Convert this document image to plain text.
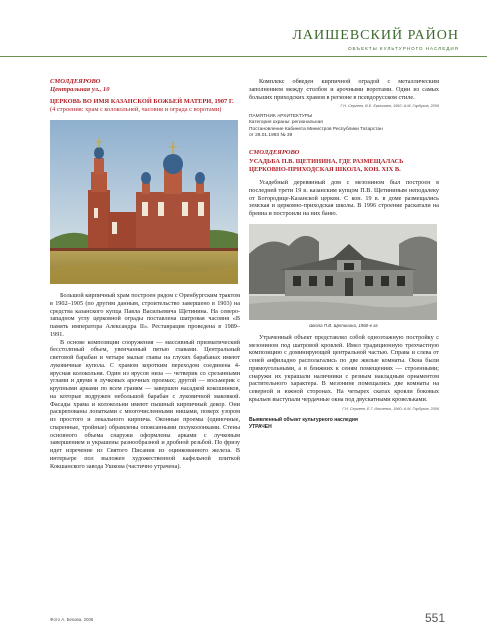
ЛАИШЕВСКИЙ РАЙОН
ОБЪЕКТЫ КУЛЬТУРНОГО НАСЛЕДИЯ
СМОЛДЕЯРОВО
Центральная ул., 10
ЦЕРКОВЬ ВО ИМЯ КАЗАНСКОЙ БОЖЬЕЙ МАТЕРИ, 1907 Г.
(4 строения: храм с колокольней, часовня и ограда с воротами)

Большой кирпичный храм построен рядом с Оренбургским трактом в 1902–1905 (по другим данным, строительство завершено в 1903) на средства казанского купца Павла Васильевича Щетинина. На северо-западном углу церковной ограды поставлена шатровая часовня «В память императора Александра II». Реставрация проведена в 1989–1991.

В основе композиции сооружения — массивный призматический бесстолпный объем, увенчанный пятью главами. Центральный световой барабан и четыре малые главы на глухих барабанах имеют луковичные купола. С храмом коротким переходом соединена 4-ярусная колокольня. Один из ярусов низа — четверик со срезанными углами и двумя в лучковых арочных проемах; другой — восьмерик с крупными арками по всем граням — завершен насадкой кокошников, на которые водружен небольшой барабан с луковичной маковкой. Фасады храма и колокольни имеют пышный кирпичный декор. Они раскрепованы лопатками с многочисленными нишами, поверх узором из простого и лекального кирпича. Оконные проемы (одиночные, спаренные, тройные) обрамлены опоясанными полуколонками. Стены основного объема снаружи оформлены арками с лучковым завершением и украшены разнообразной и дробной резьбой. По фризу идет изречение из Святого Писания из оцинкованного железа. В интерьере пол выложен художественной кафельной плиткой Кокшанского завода Ушкова (частично утрачена).

Комплекс обведен кирпичной оградой с металлическим заполнением между столбов и арочными воротами. Один из самых больших приходских храмов в регионе в псевдорусском стиле.

Г.Н. Сергеев, В.Е. Ермолаев, 1992; А.М. Гарбузов, 2006
ПАМЯТНИК АРХИТЕКТУРЫ
Категория охраны: региональная
Постановление Кабинета Министров Республики Татарстан
от 28.01.1993 № 39
СМОЛДЕЯРОВО
УСАДЬБА П.В. ЩЕТИНИНА, ГДЕ РАЗМЕЩАЛАСЬ ЦЕРКОВНО-ПРИХОДСКАЯ ШКОЛА, КОН. XIX В.

Усадебный деревянный дом с мезонином был построен в последней трети 19 в. казанским купцом П.В. Щетининым неподалеку от Богородице-Казанской церкви. С кон. 19 в. в доме размещались земская и церковно-приходская школы. В 1996 строение раскатали на бревна и построили на них баню.

Школа П.В. Щетинина, 1960-е гг.

Утраченный объект представлял собой одноэтажную постройку с мезонином под шатровой кровлей. Имел традиционную трехчастную композицию с доминирующей центральной частью. Справа и слева от сеней анфиладно располагались по две жилые комнаты. Окна были прямоугольными, а в ближних к сеням помещениях — строенными; снаружи их украшали наличники с резным накладным орнаментом растительного характера. В мезонине помещались две комнаты на северной и южной сторонах. На четырех скатах кровли боковых крыльев выступали чердачные окна под двускатными кровельками.

Г.Н. Сергеев, Е.Г. Ильченко, 1960; А.М. Гарбузов, 2006
Выявленный объект культурного наследия
УТРАЧЕН
Фото А. Бекова, 2006	551
